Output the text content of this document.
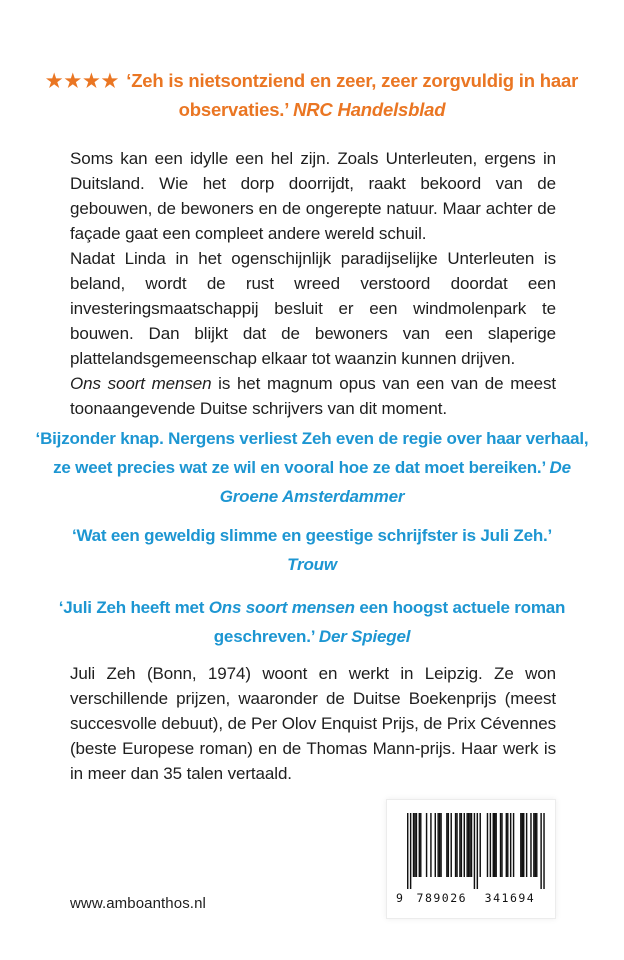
★★★★ ‘Zeh is nietsontziend en zeer, zeer zorgvuldig in haar observaties.’ NRC Handelsblad

Soms kan een idylle een hel zijn. Zoals Unterleuten, ergens in Duitsland. Wie het dorp doorrijdt, raakt bekoord van de gebouwen, de bewoners en de ongerepte natuur. Maar achter de façade gaat een compleet andere wereld schuil.

Nadat Linda in het ogenschijnlijk paradijselijke Unterleuten is beland, wordt de rust wreed verstoord doordat een investeringsmaatschappij besluit er een windmolenpark te bouwen. Dan blijkt dat de bewoners van een slaperige plattelandsgemeenschap elkaar tot waanzin kunnen drijven.

Ons soort mensen is het magnum opus van een van de meest toonaangevende Duitse schrijvers van dit moment.

‘Bijzonder knap. Nergens verliest Zeh even de regie over haar verhaal, ze weet precies wat ze wil en vooral hoe ze dat moet bereiken.’ De Groene Amsterdammer
‘Wat een geweldig slimme en geestige schrijfster is Juli Zeh.’
Trouw
‘Juli Zeh heeft met Ons soort mensen een hoogst actuele roman geschreven.’ Der Spiegel
Juli Zeh (Bonn, 1974) woont en werkt in Leipzig. Ze won verschillende prijzen, waaronder de Duitse Boekenprijs (meest succesvolle debuut), de Per Olov Enquist Prijs, de Prix Cévennes (beste Europese roman) en de Thomas Mann-prijs. Haar werk is in meer dan 35 talen vertaald.
9 789026 341694
www.amboanthos.nl
